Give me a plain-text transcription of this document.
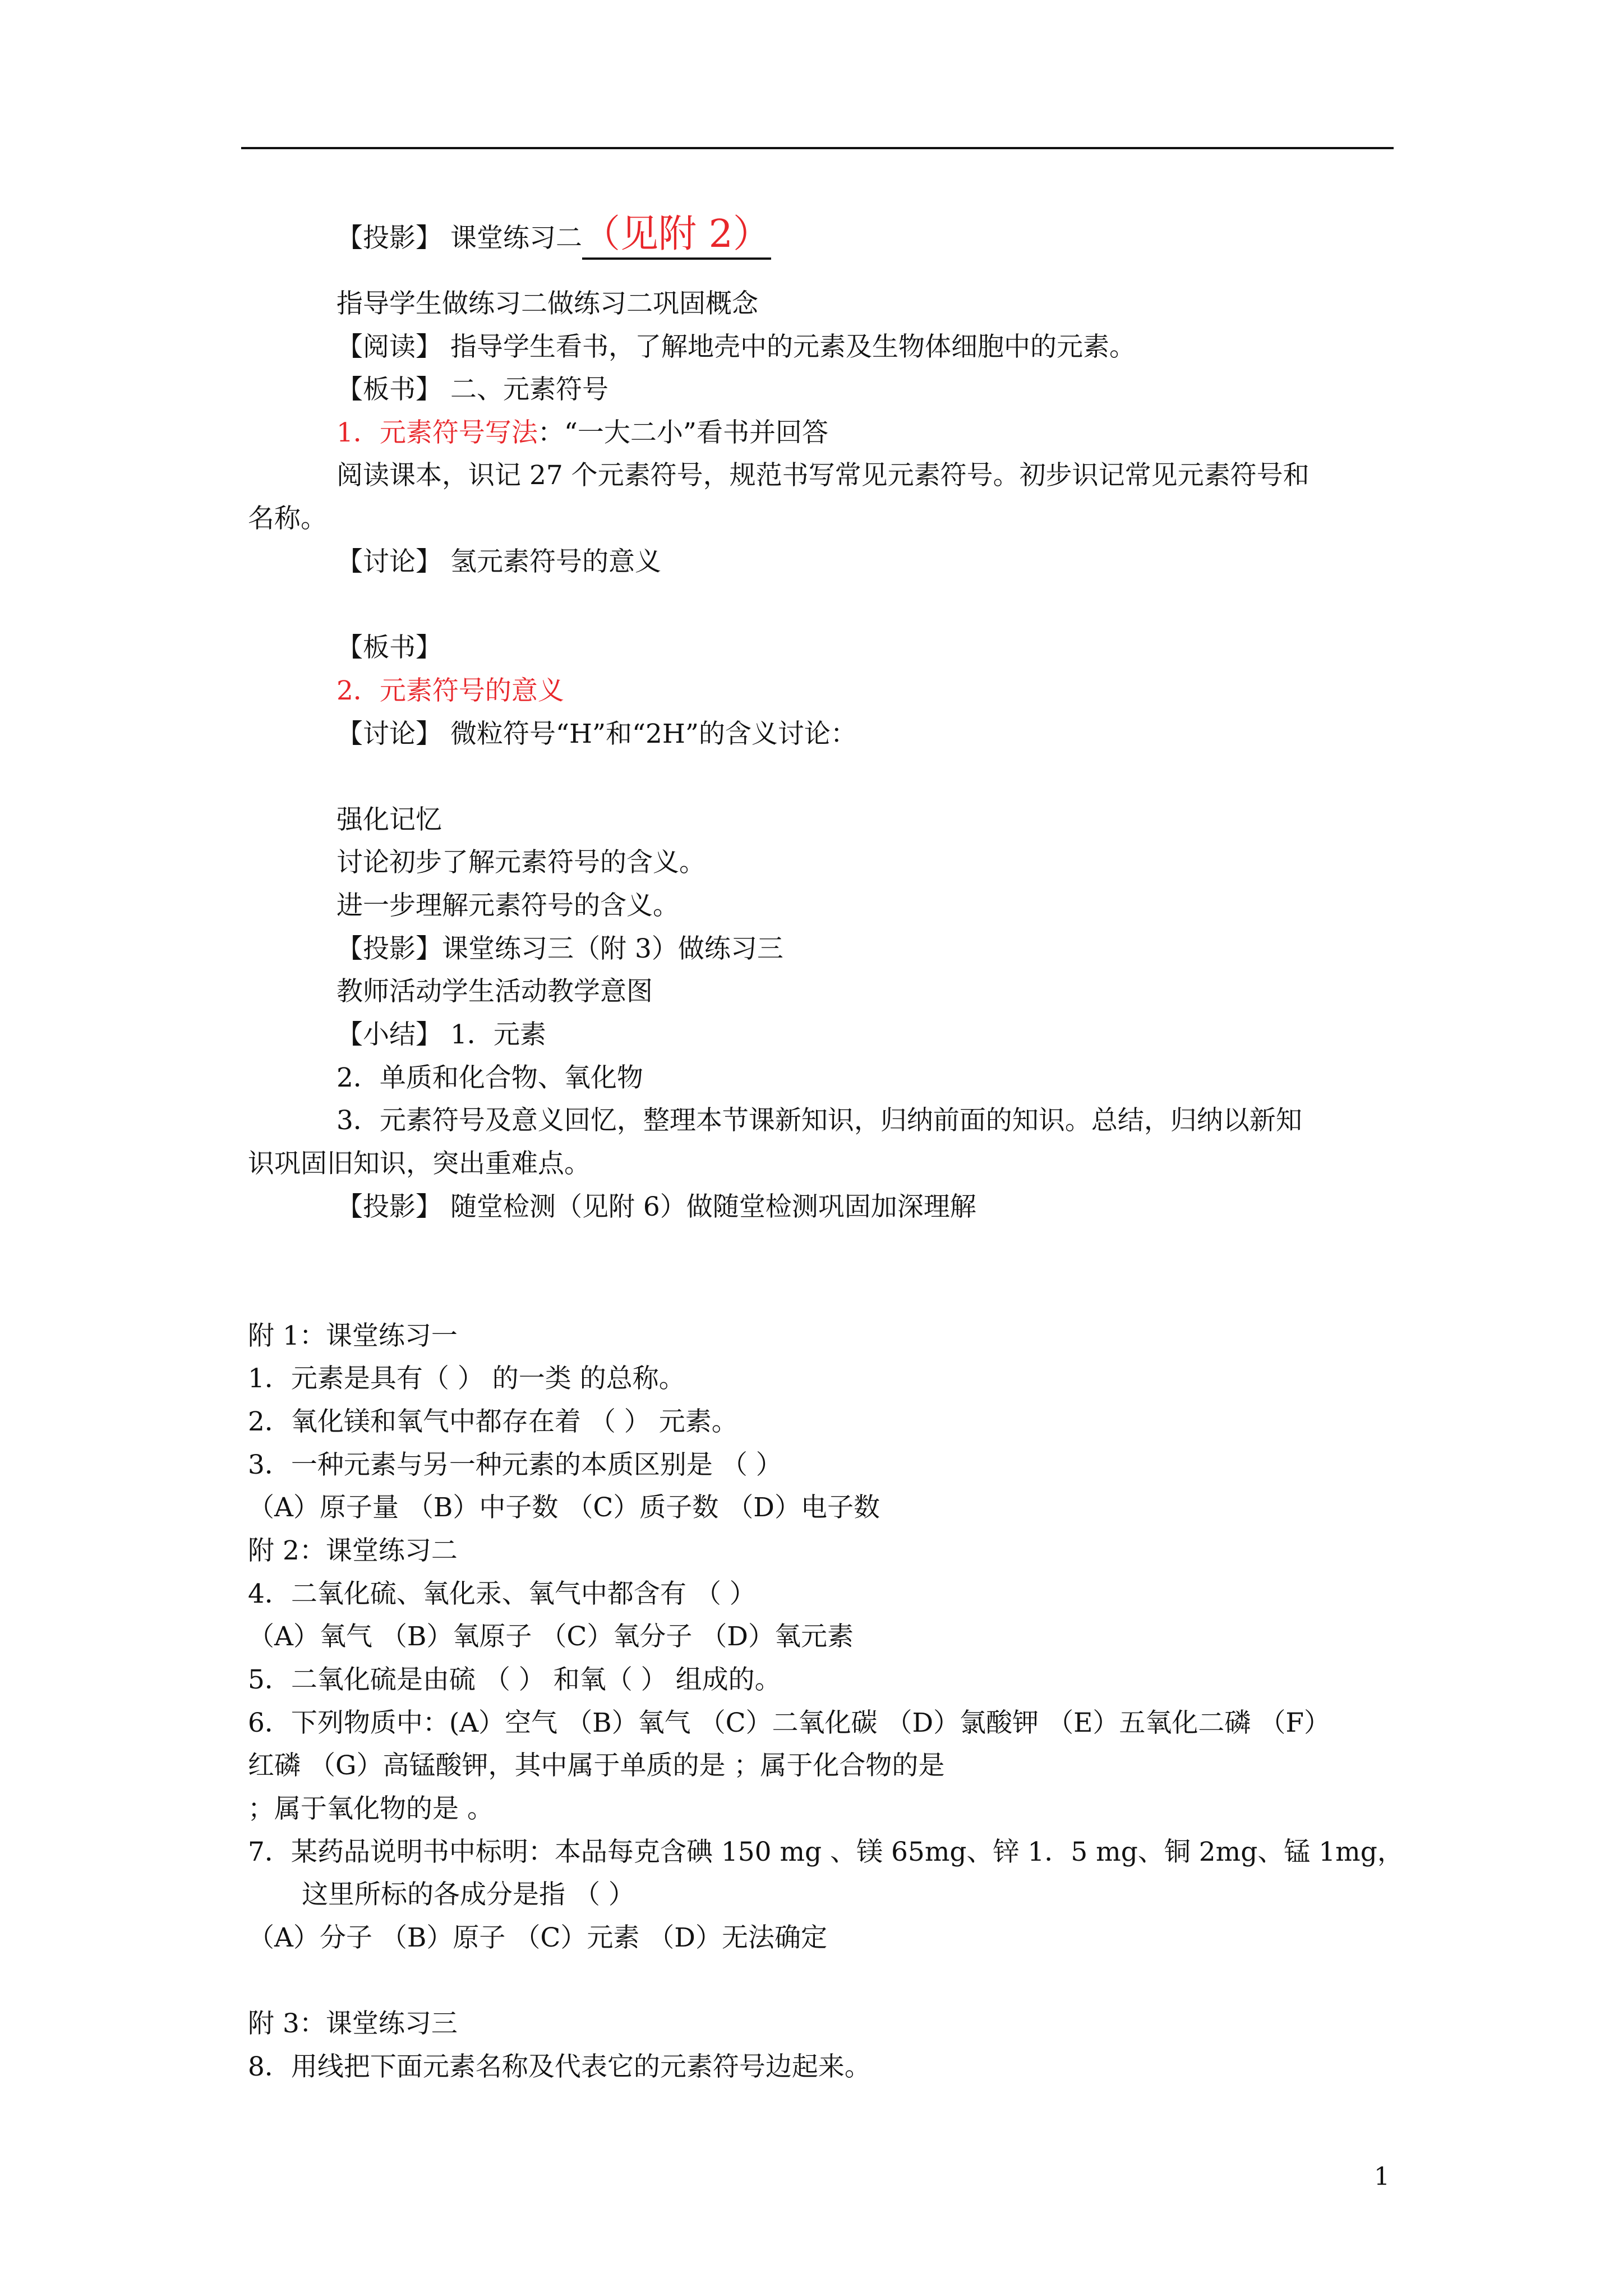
【投影】 课堂练习二（见附 2）
指导学生做练习二做练习二巩固概念
【阅读】 指导学生看书，了解地壳中的元素及生物体细胞中的元素。
【板书】 二、元素符号
1．元素符号写法：“一大二小”看书并回答
阅读课本，识记 27 个元素符号，规范书写常见元素符号。初步识记常见元素符号和
名称。
【讨论】 氢元素符号的意义
【板书】
2．元素符号的意义
【讨论】 微粒符号“H”和“2H”的含义讨论：
强化记忆
讨论初步了解元素符号的含义。
进一步理解元素符号的含义。
【投影】课堂练习三（附 3）做练习三
教师活动学生活动教学意图
【小结】 1．元素
2．单质和化合物、氧化物
3．元素符号及意义回忆，整理本节课新知识，归纳前面的知识。总结，归纳以新知
识巩固旧知识，突出重难点。
【投影】 随堂检测（见附 6）做随堂检测巩固加深理解
附 1：课堂练习一
1．元素是具有（ ） 的一类 的总称。
2．氧化镁和氧气中都存在着 （ ） 元素。
3．一种元素与另一种元素的本质区别是 （ ）
（A）原子量 （B）中子数 （C）质子数 （D）电子数
附 2：课堂练习二
4．二氧化硫、氧化汞、氧气中都含有 （ ）
（A）氧气 （B）氧原子 （C）氧分子 （D）氧元素
5．二氧化硫是由硫 （ ） 和氧（ ） 组成的。
6．下列物质中：(A）空气 （B）氧气 （C）二氧化碳 （D）氯酸钾 （E）五氧化二磷 （F）
红磷 （G）高锰酸钾，其中属于单质的是 ；属于化合物的是
；属于氧化物的是 。
7．某药品说明书中标明：本品每克含碘 150 mg 、镁 65mg、锌 1．5 mg、铜 2mg、锰 1mg，
这里所标的各成分是指 （ ）
（A）分子 （B）原子 （C）元素 （D）无法确定
附 3：课堂练习三
8．用线把下面元素名称及代表它的元素符号边起来。
1
